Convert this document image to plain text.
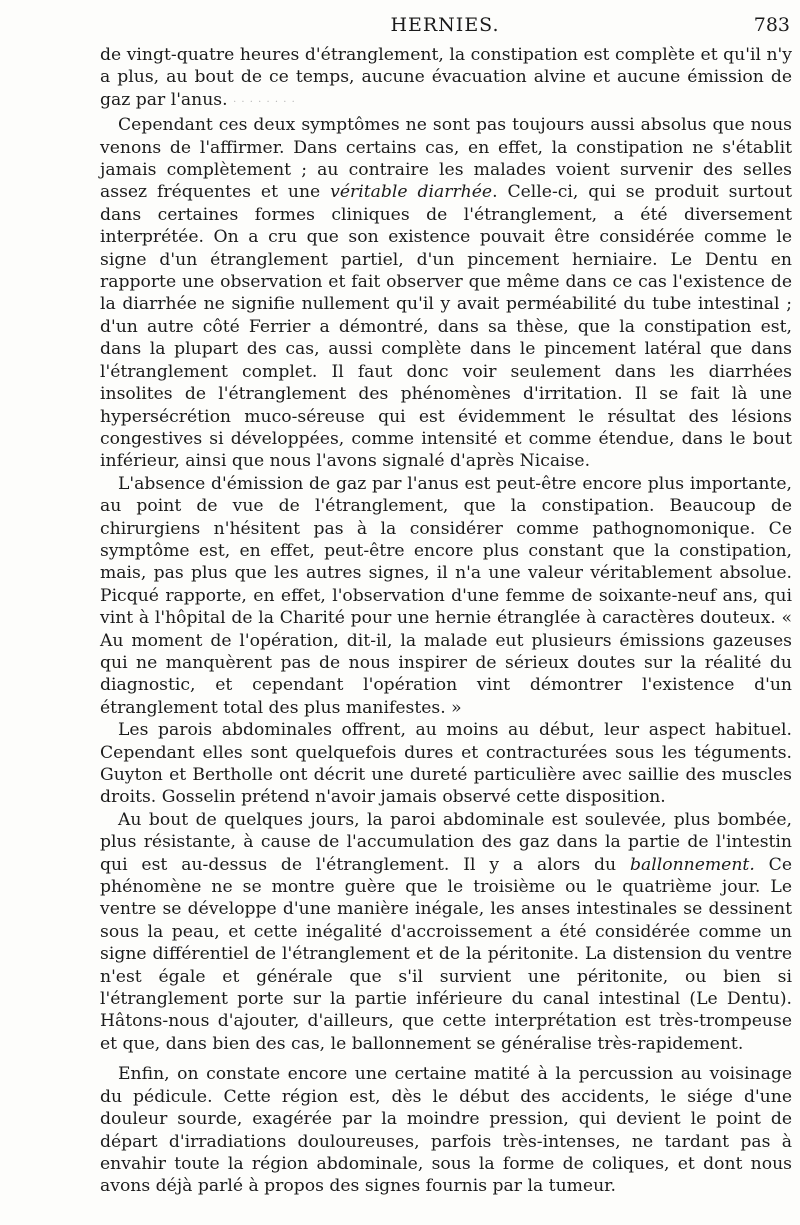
HERNIES.	783

de vingt-quatre heures d'étranglement, la constipation est complète et qu'il n'y a plus, au bout de ce temps, aucune évacuation alvine et aucune émission de gaz par l'anus. · · · · · · · ·

Cependant ces deux symptômes ne sont pas toujours aussi absolus que nous venons de l'affirmer. Dans certains cas, en effet, la constipation ne s'établit jamais complètement ; au contraire les malades voient survenir des selles assez fréquentes et une véritable diarrhée. Celle-ci, qui se produit surtout dans certaines formes cliniques de l'étranglement, a été diversement interprétée. On a cru que son existence pouvait être considérée comme le signe d'un étranglement partiel, d'un pincement herniaire. Le Dentu en rapporte une observation et fait observer que même dans ce cas l'existence de la diarrhée ne signifie nullement qu'il y avait perméabilité du tube intestinal ; d'un autre côté Ferrier a démontré, dans sa thèse, que la constipation est, dans la plupart des cas, aussi complète dans le pincement latéral que dans l'étranglement complet. Il faut donc voir seulement dans les diarrhées insolites de l'étranglement des phénomènes d'irritation. Il se fait là une hypersécrétion muco-séreuse qui est évidemment le résultat des lésions congestives si développées, comme intensité et comme étendue, dans le bout inférieur, ainsi que nous l'avons signalé d'après Nicaise.

L'absence d'émission de gaz par l'anus est peut-être encore plus importante, au point de vue de l'étranglement, que la constipation. Beaucoup de chirurgiens n'hésitent pas à la considérer comme pathognomonique. Ce symptôme est, en effet, peut-être encore plus constant que la constipation, mais, pas plus que les autres signes, il n'a une valeur véritablement absolue. Picqué rapporte, en effet, l'observation d'une femme de soixante-neuf ans, qui vint à l'hôpital de la Charité pour une hernie étranglée à caractères douteux. « Au moment de l'opération, dit-il, la malade eut plusieurs émissions gazeuses qui ne manquèrent pas de nous inspirer de sérieux doutes sur la réalité du diagnostic, et cependant l'opération vint démontrer l'existence d'un étranglement total des plus manifestes. »

Les parois abdominales offrent, au moins au début, leur aspect habituel. Cependant elles sont quelquefois dures et contracturées sous les téguments. Guyton et Bertholle ont décrit une dureté particulière avec saillie des muscles droits. Gosselin prétend n'avoir jamais observé cette disposition.

Au bout de quelques jours, la paroi abdominale est soulevée, plus bombée, plus résistante, à cause de l'accumulation des gaz dans la partie de l'intestin qui est au-dessus de l'étranglement. Il y a alors du ballonnement. Ce phénomène ne se montre guère que le troisième ou le quatrième jour. Le ventre se développe d'une manière inégale, les anses intestinales se dessinent sous la peau, et cette inégalité d'accroissement a été considérée comme un signe différentiel de l'étranglement et de la péritonite. La distension du ventre n'est égale et générale que s'il survient une péritonite, ou bien si l'étranglement porte sur la partie inférieure du canal intestinal (Le Dentu). Hâtons-nous d'ajouter, d'ailleurs, que cette interprétation est très-trompeuse et que, dans bien des cas, le ballonnement se généralise très-rapidement.

Enfin, on constate encore une certaine matité à la percussion au voisinage du pédicule. Cette région est, dès le début des accidents, le siége d'une douleur sourde, exagérée par la moindre pression, qui devient le point de départ d'irradiations douloureuses, parfois très-intenses, ne tardant pas à envahir toute la région abdominale, sous la forme de coliques, et dont nous avons déjà parlé à propos des signes fournis par la tumeur.
